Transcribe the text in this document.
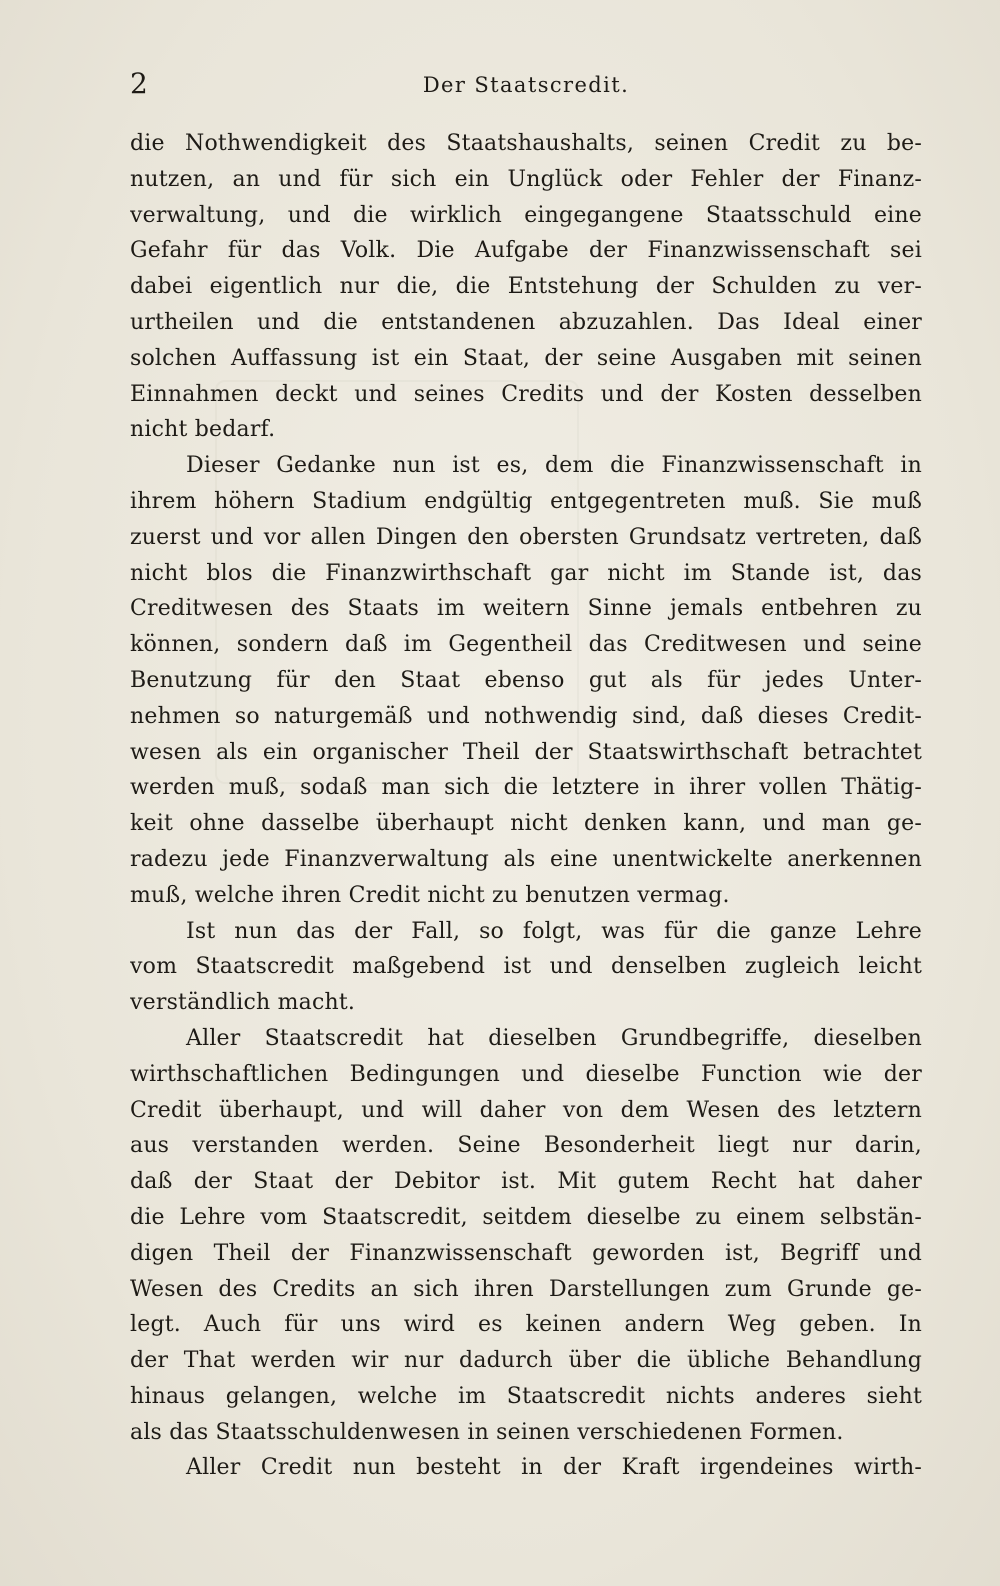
2	Der Staatscredit.
die Nothwendigkeit des Staatshaushalts, seinen Credit zu be-
nutzen, an und für sich ein Unglück oder Fehler der Finanz-
verwaltung, und die wirklich eingegangene Staatsschuld eine
Gefahr für das Volk. Die Aufgabe der Finanzwissenschaft sei
dabei eigentlich nur die, die Entstehung der Schulden zu ver-
urtheilen und die entstandenen abzuzahlen. Das Ideal einer
solchen Auffassung ist ein Staat, der seine Ausgaben mit seinen
Einnahmen deckt und seines Credits und der Kosten desselben
nicht bedarf.
Dieser Gedanke nun ist es, dem die Finanzwissenschaft in
ihrem höhern Stadium endgültig entgegentreten muß. Sie muß
zuerst und vor allen Dingen den obersten Grundsatz vertreten, daß
nicht blos die Finanzwirthschaft gar nicht im Stande ist, das
Creditwesen des Staats im weitern Sinne jemals entbehren zu
können, sondern daß im Gegentheil das Creditwesen und seine
Benutzung für den Staat ebenso gut als für jedes Unter-
nehmen so naturgemäß und nothwendig sind, daß dieses Credit-
wesen als ein organischer Theil der Staatswirthschaft betrachtet
werden muß, sodaß man sich die letztere in ihrer vollen Thätig-
keit ohne dasselbe überhaupt nicht denken kann, und man ge-
radezu jede Finanzverwaltung als eine unentwickelte anerkennen
muß, welche ihren Credit nicht zu benutzen vermag.
Ist nun das der Fall, so folgt, was für die ganze Lehre
vom Staatscredit maßgebend ist und denselben zugleich leicht
verständlich macht.
Aller Staatscredit hat dieselben Grundbegriffe, dieselben
wirthschaftlichen Bedingungen und dieselbe Function wie der
Credit überhaupt, und will daher von dem Wesen des letztern
aus verstanden werden. Seine Besonderheit liegt nur darin,
daß der Staat der Debitor ist. Mit gutem Recht hat daher
die Lehre vom Staatscredit, seitdem dieselbe zu einem selbstän-
digen Theil der Finanzwissenschaft geworden ist, Begriff und
Wesen des Credits an sich ihren Darstellungen zum Grunde ge-
legt. Auch für uns wird es keinen andern Weg geben. In
der That werden wir nur dadurch über die übliche Behandlung
hinaus gelangen, welche im Staatscredit nichts anderes sieht
als das Staatsschuldenwesen in seinen verschiedenen Formen.
Aller Credit nun besteht in der Kraft irgendeines wirth-
